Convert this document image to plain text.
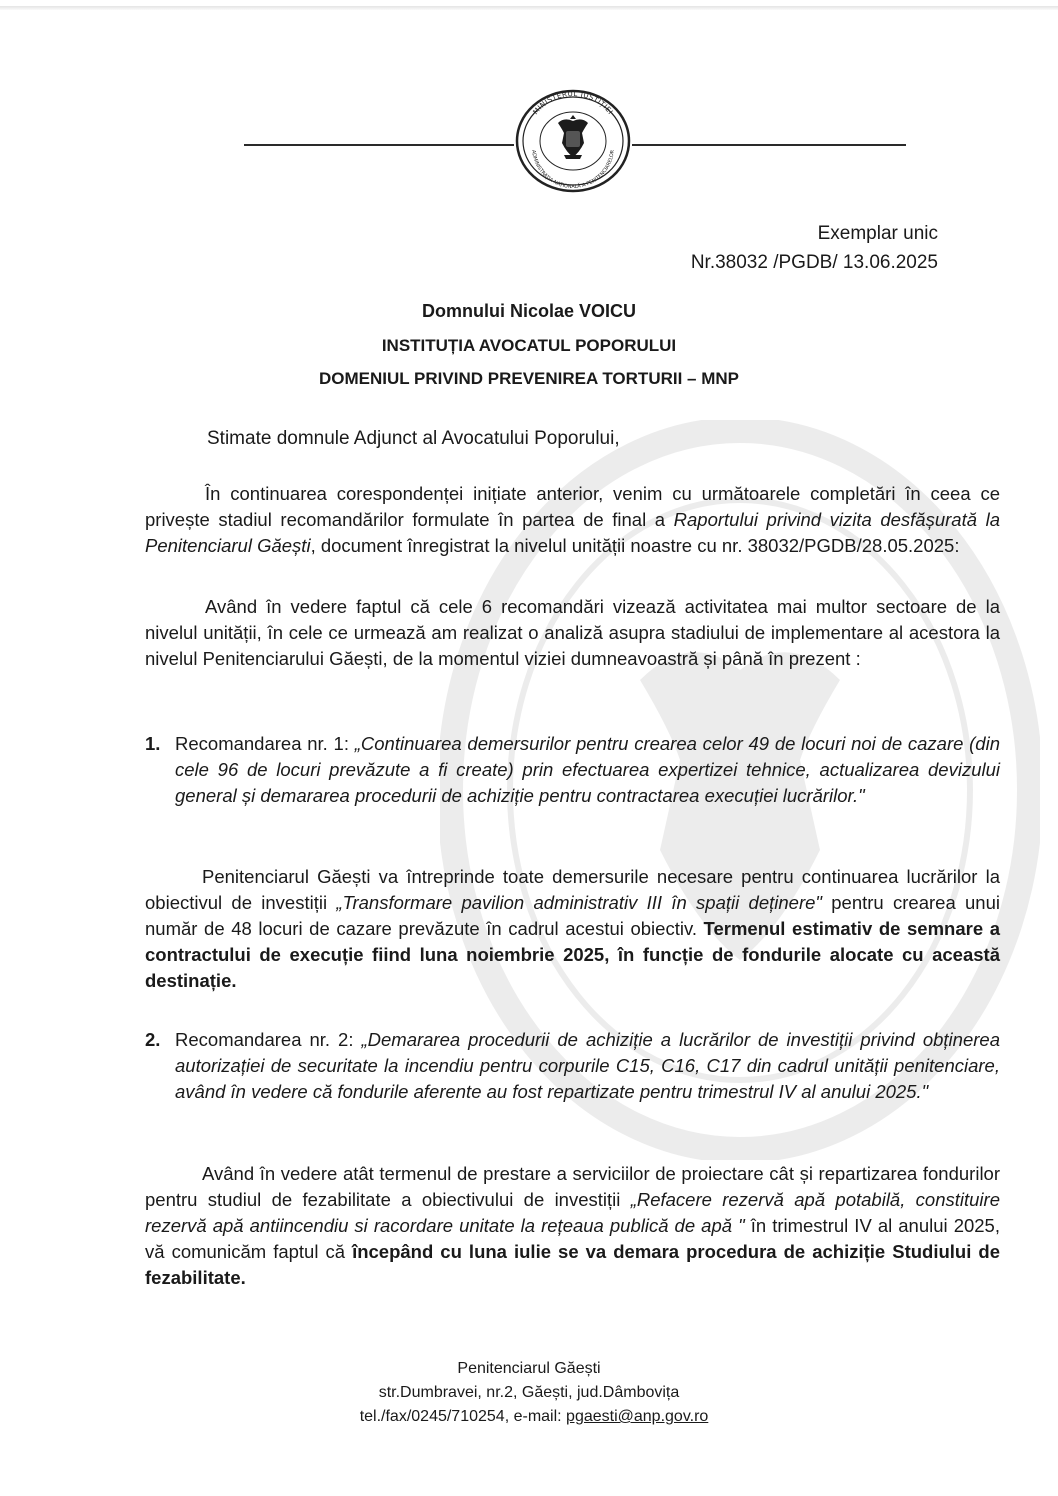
MINISTERUL JUSTIȚIEI
ADMINISTRAȚIA NAȚIONALĂ A PENITENCIARELOR
Exemplar unic
Nr.38032 /PGDB/ 13.06.2025
Domnului Nicolae VOICU
INSTITUȚIA AVOCATUL POPORULUI
DOMENIUL PRIVIND PREVENIREA TORTURII – MNP
Stimate domnule Adjunct al Avocatului Poporului,
În continuarea corespondenței inițiate anterior, venim cu următoarele completări în ceea ce privește stadiul recomandărilor formulate în partea de final a Raportului privind vizita desfășurată la Penitenciarul Găești, document înregistrat la nivelul unității noastre cu nr. 38032/PGDB/28.05.2025:
Având în vedere faptul că cele 6 recomandări vizează activitatea mai multor sectoare de la nivelul unității, în cele ce urmează am realizat o analiză asupra stadiului de implementare al acestora la nivelul Penitenciarului Găești, de la momentul viziei dumneavoastră și până în prezent :
1. Recomandarea nr. 1: „Continuarea demersurilor pentru crearea celor 49 de locuri noi de cazare (din cele 96 de locuri prevăzute a fi create) prin efectuarea expertizei tehnice, actualizarea devizului general și demararea procedurii de achiziție pentru contractarea execuției lucrărilor."
Penitenciarul Găești va întreprinde toate demersurile necesare pentru continuarea lucrărilor la obiectivul de investiții „Transformare pavilion administrativ III în spații deținere" pentru crearea unui număr de 48 locuri de cazare prevăzute în cadrul acestui obiectiv. Termenul estimativ de semnare a contractului de execuție fiind luna noiembrie 2025, în funcție de fondurile alocate cu această destinație.
2. Recomandarea nr. 2: „Demararea procedurii de achiziție a lucrărilor de investiții privind obținerea autorizației de securitate la incendiu pentru corpurile C15, C16, C17 din cadrul unității penitenciare, având în vedere că fondurile aferente au fost repartizate pentru trimestrul IV al anului 2025."
Având în vedere atât termenul de prestare a serviciilor de proiectare cât și repartizarea fondurilor pentru studiul de fezabilitate a obiectivului de investiții „Refacere rezervă apă potabilă, constituire rezervă apă antiincendiu si racordare unitate la rețeaua publică de apă " în trimestrul IV al anului 2025, vă comunicăm faptul că începând cu luna iulie se va demara procedura de achiziție Studiului de fezabilitate.
Penitenciarul Găești
str.Dumbravei, nr.2, Găești, jud.Dâmbovița
tel./fax/0245/710254, e-mail: pgaesti@anp.gov.ro
